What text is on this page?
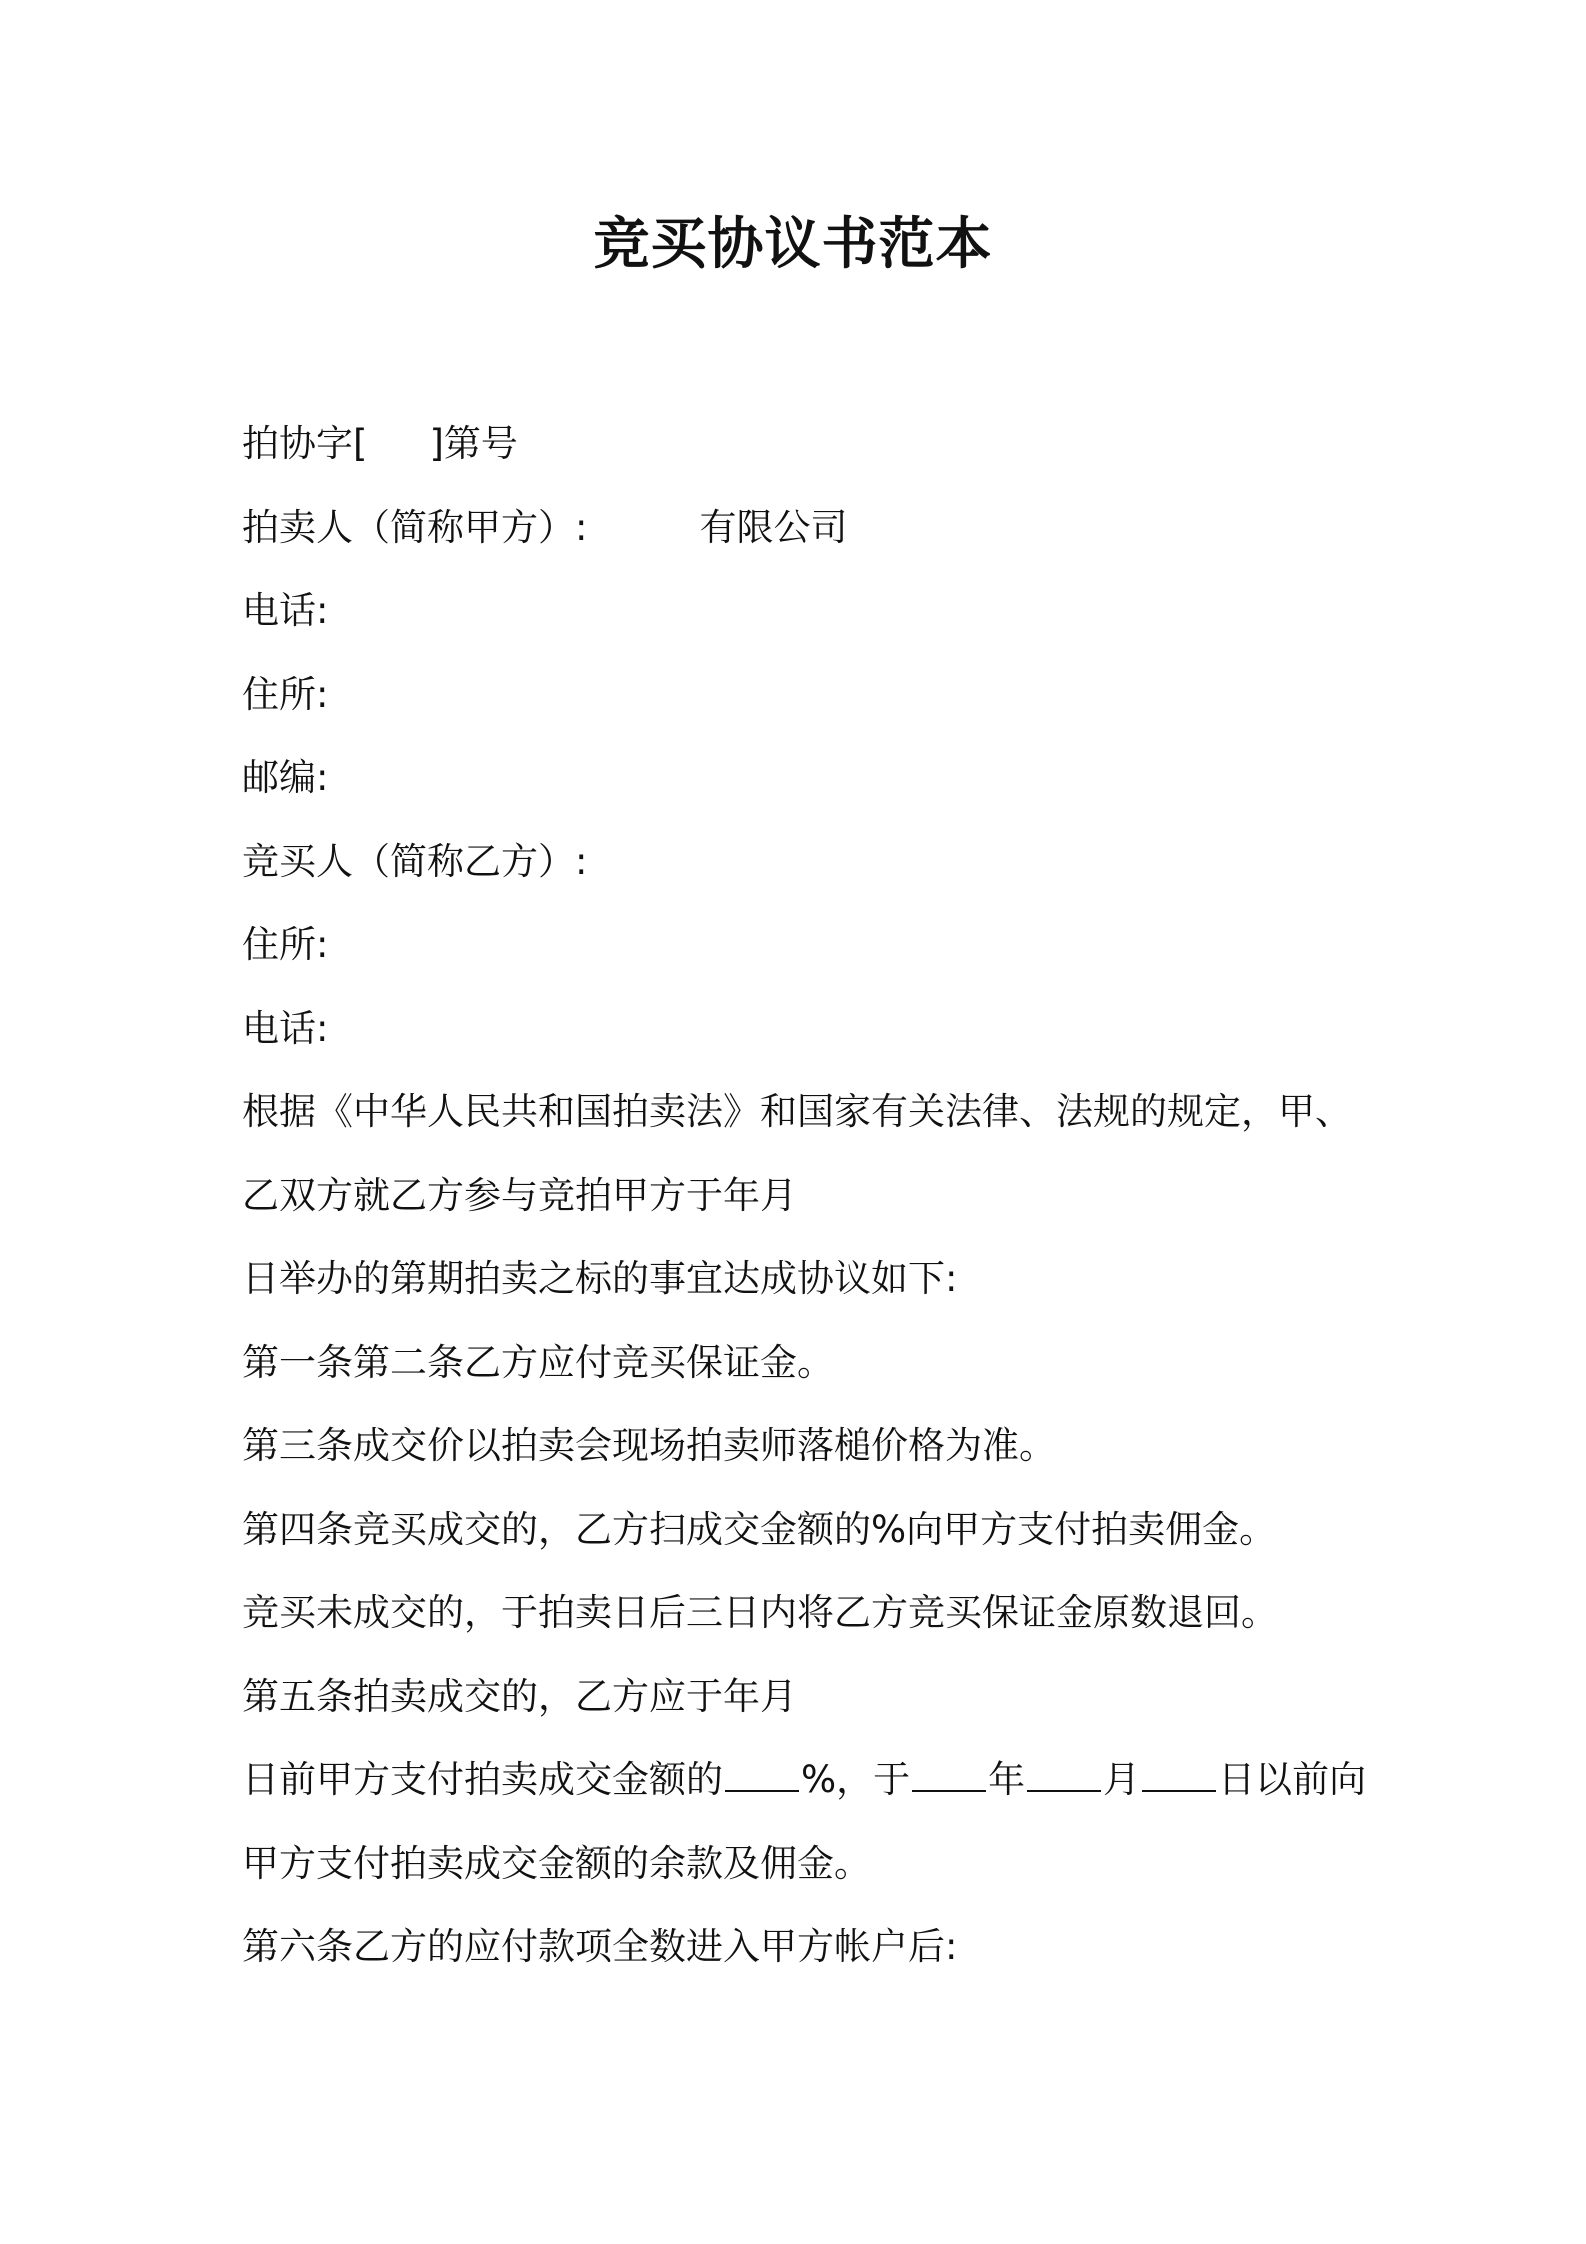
竞买协议书范本
拍协字[ ]第号
拍卖人（简称甲方）:	有限公司
电话:
住所:
邮编:
竞买人（简称乙方）:
住所:
电话:
根据《中华人民共和国拍卖法》和国家有关法律、法规的规定，甲、
乙双方就乙方参与竞拍甲方于年月
日举办的第期拍卖之标的事宜达成协议如下:
第一条第二条乙方应付竞买保证金。
第三条成交价以拍卖会现场拍卖师落槌价格为准。
第四条竞买成交的，乙方扫成交金额的%向甲方支付拍卖佣金。
竞买未成交的，于拍卖日后三日内将乙方竞买保证金原数退回。
第五条拍卖成交的，乙方应于年月
日前甲方支付拍卖成交金额的 %，于 年 月 日以前向
甲方支付拍卖成交金额的余款及佣金。
第六条乙方的应付款项全数进入甲方帐户后:
